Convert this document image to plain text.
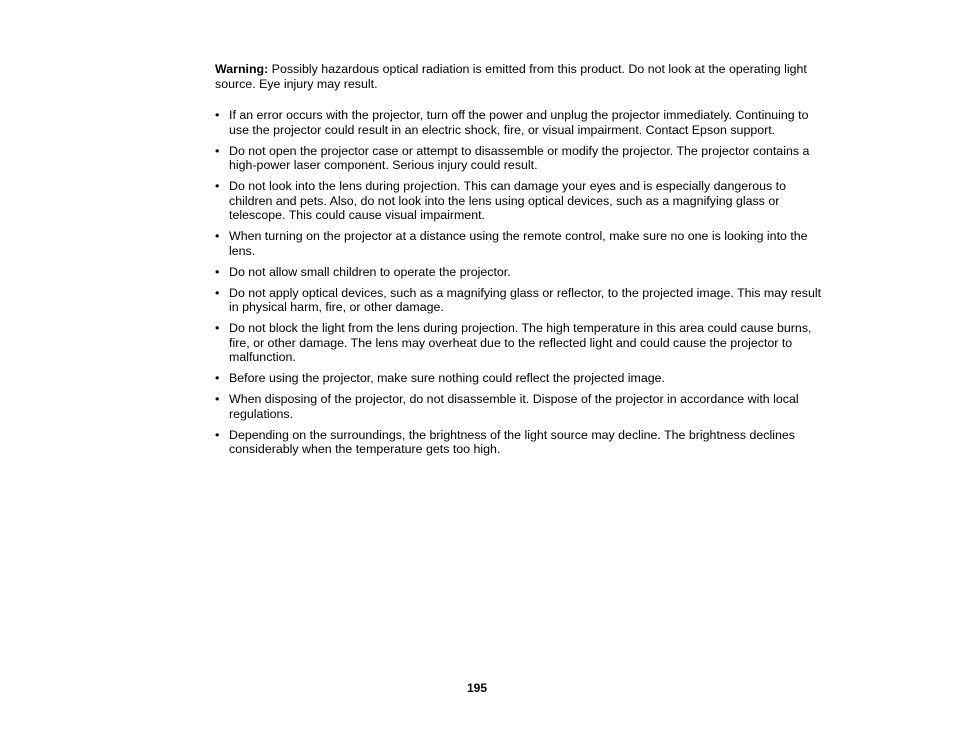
Warning: Possibly hazardous optical radiation is emitted from this product. Do not look at the operating light source. Eye injury may result.

• If an error occurs with the projector, turn off the power and unplug the projector immediately. Continuing to use the projector could result in an electric shock, fire, or visual impairment. Contact Epson support.
• Do not open the projector case or attempt to disassemble or modify the projector. The projector contains a high-power laser component. Serious injury could result.
• Do not look into the lens during projection. This can damage your eyes and is especially dangerous to children and pets. Also, do not look into the lens using optical devices, such as a magnifying glass or telescope. This could cause visual impairment.
• When turning on the projector at a distance using the remote control, make sure no one is looking into the lens.
• Do not allow small children to operate the projector.
• Do not apply optical devices, such as a magnifying glass or reflector, to the projected image. This may result in physical harm, fire, or other damage.
• Do not block the light from the lens during projection. The high temperature in this area could cause burns, fire, or other damage. The lens may overheat due to the reflected light and could cause the projector to malfunction.
• Before using the projector, make sure nothing could reflect the projected image.
• When disposing of the projector, do not disassemble it. Dispose of the projector in accordance with local regulations.
• Depending on the surroundings, the brightness of the light source may decline. The brightness declines considerably when the temperature gets too high.
195
